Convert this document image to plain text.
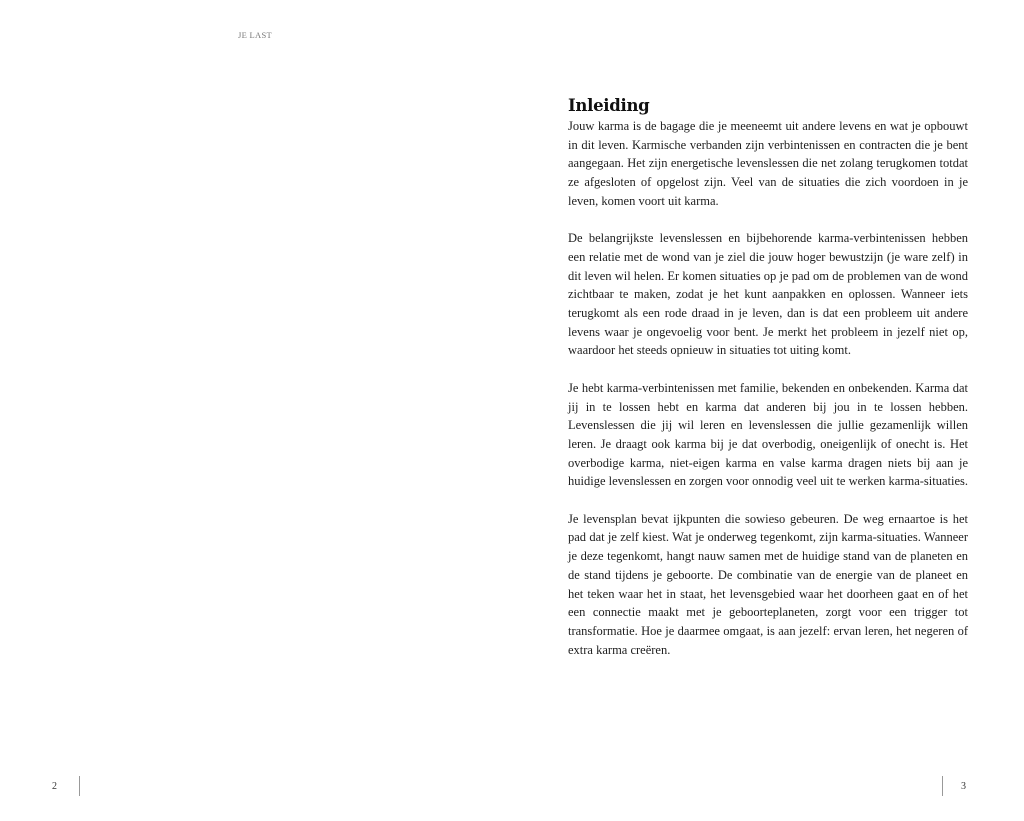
JE LAST
2
Inleiding

Jouw karma is de bagage die je meeneemt uit andere levens en wat je opbouwt in dit leven. Karmische verbanden zijn verbintenissen en contracten die je bent aangegaan. Het zijn energetische levenslessen die net zolang terugkomen totdat ze afgesloten of opgelost zijn. Veel van de situaties die zich voordoen in je leven, komen voort uit karma.

De belangrijkste levenslessen en bijbehorende karma-verbintenissen hebben een relatie met de wond van je ziel die jouw hoger bewustzijn (je ware zelf) in dit leven wil helen. Er komen situaties op je pad om de problemen van de wond zichtbaar te maken, zodat je het kunt aanpakken en oplossen. Wanneer iets terugkomt als een rode draad in je leven, dan is dat een probleem uit andere levens waar je ongevoelig voor bent. Je merkt het probleem in jezelf niet op, waardoor het steeds opnieuw in situaties tot uiting komt.

Je hebt karma-verbintenissen met familie, bekenden en onbekenden. Karma dat jij in te lossen hebt en karma dat anderen bij jou in te lossen hebben. Levenslessen die jij wil leren en levenslessen die jullie gezamenlijk willen leren. Je draagt ook karma bij je dat overbodig, oneigenlijk of onecht is. Het overbodige karma, niet-eigen karma en valse karma dragen niets bij aan je huidige levenslessen en zorgen voor onnodig veel uit te werken karma-situaties.

Je levensplan bevat ijkpunten die sowieso gebeuren. De weg ernaartoe is het pad dat je zelf kiest. Wat je onderweg tegenkomt, zijn karma-situaties. Wanneer je deze tegenkomt, hangt nauw samen met de huidige stand van de planeten en de stand tijdens je geboorte. De combinatie van de energie van de planeet en het teken waar het in staat, het levensgebied waar het doorheen gaat en of het een connectie maakt met je geboorteplaneten, zorgt voor een trigger tot transformatie. Hoe je daarmee omgaat, is aan jezelf: ervan leren, het negeren of extra karma creëren.

3
